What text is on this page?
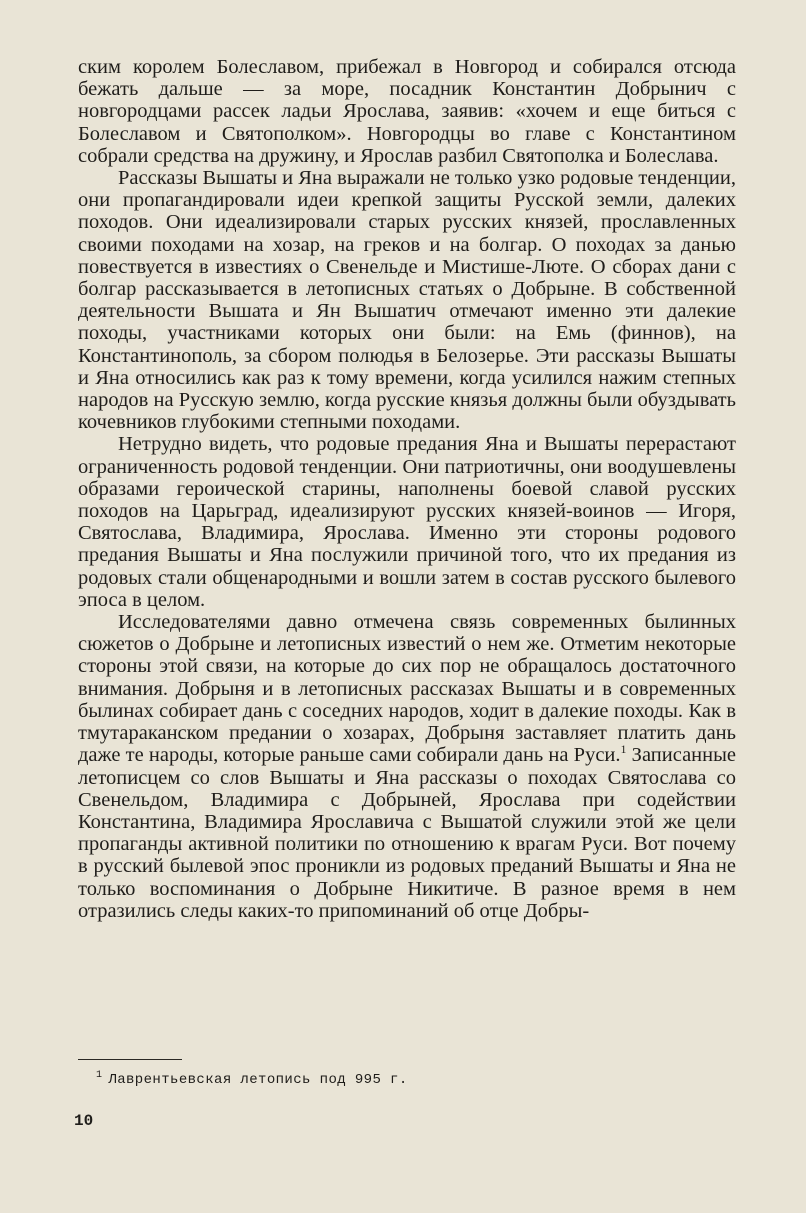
ским королем Болеславом, прибежал в Новгород и собирался отсюда бежать дальше — за море, посадник Константин Добрынич с новгородцами рассек ладьи Ярослава, заявив: «хочем и еще биться с Болеславом и Святополком». Новгородцы во главе с Константином собрали средства на дружину, и Ярослав разбил Святополка и Болеслава.

Рассказы Вышаты и Яна выражали не только узко родовые тенденции, они пропагандировали идеи крепкой защиты Русской земли, далеких походов. Они идеализировали старых русских князей, прославленных своими походами на хозар, на греков и на болгар. О походах за данью повествуется в известиях о Свенельде и Мистише-Люте. О сборах дани с болгар рассказывается в летописных статьях о Добрыне. В собственной деятельности Вышата и Ян Вышатич отмечают именно эти далекие походы, участниками которых они были: на Емь (финнов), на Константинополь, за сбором полюдья в Белозерье. Эти рассказы Вышаты и Яна относились как раз к тому времени, когда усилился нажим степных народов на Русскую землю, когда русские князья должны были обуздывать кочевников глубокими степными походами.

Нетрудно видеть, что родовые предания Яна и Вышаты перерастают ограниченность родовой тенденции. Они патриотичны, они воодушевлены образами героической старины, наполнены боевой славой русских походов на Царьград, идеализируют русских князей-воинов — Игоря, Святослава, Владимира, Ярослава. Именно эти стороны родового предания Вышаты и Яна послужили причиной того, что их предания из родовых стали общенародными и вошли затем в состав русского былевого эпоса в целом.

Исследователями давно отмечена связь современных былинных сюжетов о Добрыне и летописных известий о нем же. Отметим некоторые стороны этой связи, на которые до сих пор не обращалось достаточного внимания. Добрыня и в летописных рассказах Вышаты и в современных былинах собирает дань с соседних народов, ходит в далекие походы. Как в тмутараканском предании о хозарах, Добрыня заставляет платить дань даже те народы, которые раньше сами собирали дань на Руси.$^1$ Записанные летописцем со слов Вышаты и Яна рассказы о походах Святослава со Свенельдом, Владимира с Добрыней, Ярослава при содействии Константина, Владимира Ярославича с Вышатой служили этой же цели пропаганды активной политики по отношению к врагам Руси. Вот почему в русский былевой эпос проникли из родовых преданий Вышаты и Яна не только воспоминания о Добрыне Никитиче. В разное время в нем отразились следы каких-то припоминаний об отце Добры-

$^1$ Лаврентьевская летопись под 995 г.

10
